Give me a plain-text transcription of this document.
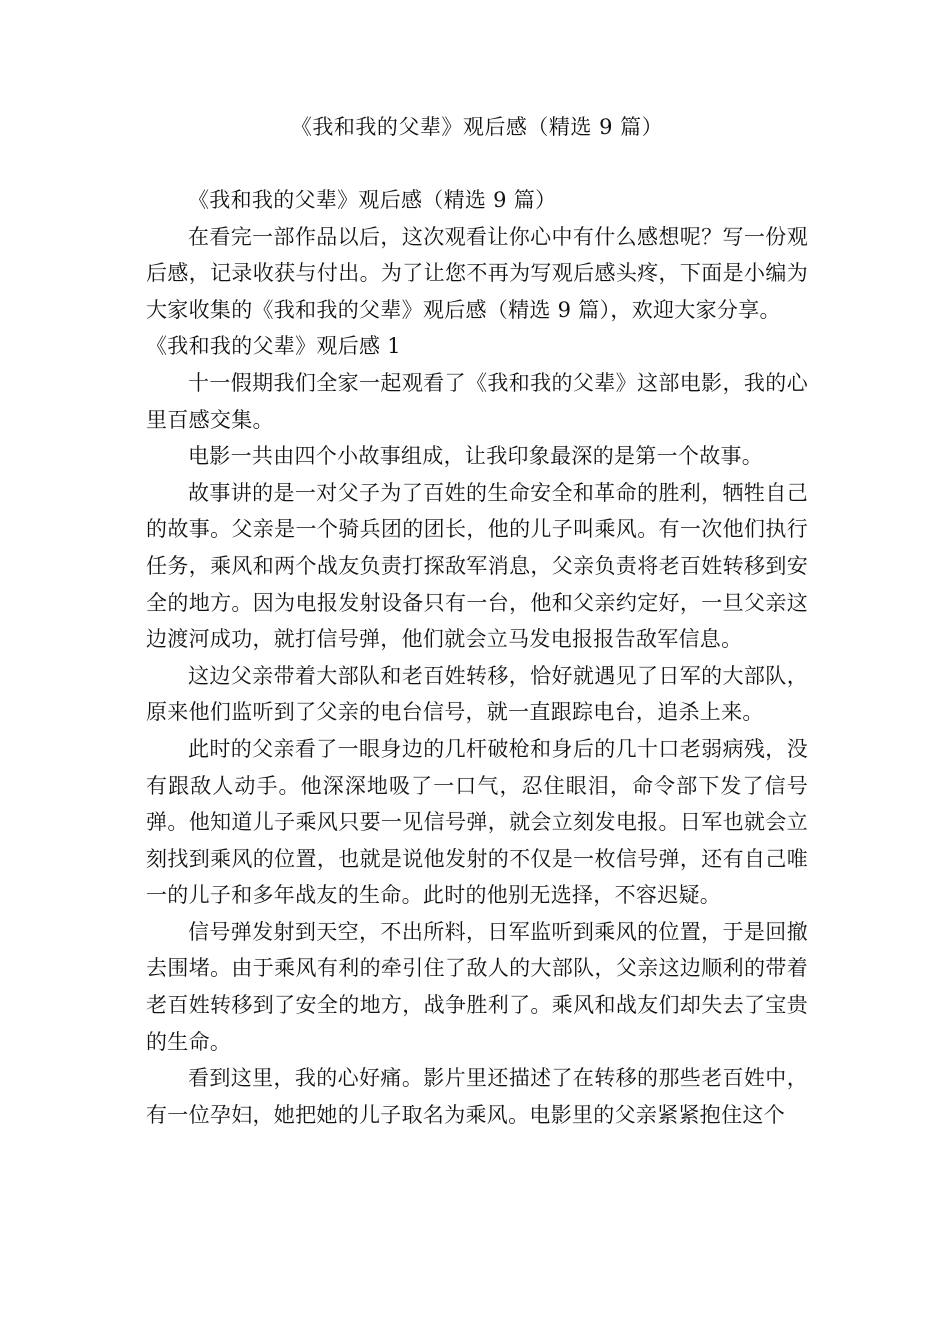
《我和我的父辈》观后感（精选 9 篇）

《我和我的父辈》观后感（精选 9 篇）

在看完一部作品以后，这次观看让你心中有什么感想呢？写一份观后感，记录收获与付出。为了让您不再为写观后感头疼，下面是小编为大家收集的《我和我的父辈》观后感（精选 9 篇），欢迎大家分享。

《我和我的父辈》观后感 1

十一假期我们全家一起观看了《我和我的父辈》这部电影，我的心里百感交集。

电影一共由四个小故事组成，让我印象最深的是第一个故事。

故事讲的是一对父子为了百姓的生命安全和革命的胜利，牺牲自己的故事。父亲是一个骑兵团的团长，他的儿子叫乘风。有一次他们执行任务，乘风和两个战友负责打探敌军消息，父亲负责将老百姓转移到安全的地方。因为电报发射设备只有一台，他和父亲约定好，一旦父亲这边渡河成功，就打信号弹，他们就会立马发电报报告敌军信息。

这边父亲带着大部队和老百姓转移，恰好就遇见了日军的大部队，原来他们监听到了父亲的电台信号，就一直跟踪电台，追杀上来。

此时的父亲看了一眼身边的几杆破枪和身后的几十口老弱病残，没有跟敌人动手。他深深地吸了一口气，忍住眼泪，命令部下发了信号弹。他知道儿子乘风只要一见信号弹，就会立刻发电报。日军也就会立刻找到乘风的位置，也就是说他发射的不仅是一枚信号弹，还有自己唯一的儿子和多年战友的生命。此时的他别无选择，不容迟疑。

信号弹发射到天空，不出所料，日军监听到乘风的位置，于是回撤去围堵。由于乘风有利的牵引住了敌人的大部队，父亲这边顺利的带着老百姓转移到了安全的地方，战争胜利了。乘风和战友们却失去了宝贵的生命。

看到这里，我的心好痛。影片里还描述了在转移的那些老百姓中，有一位孕妇，她把她的儿子取名为乘风。电影里的父亲紧紧抱住这个
